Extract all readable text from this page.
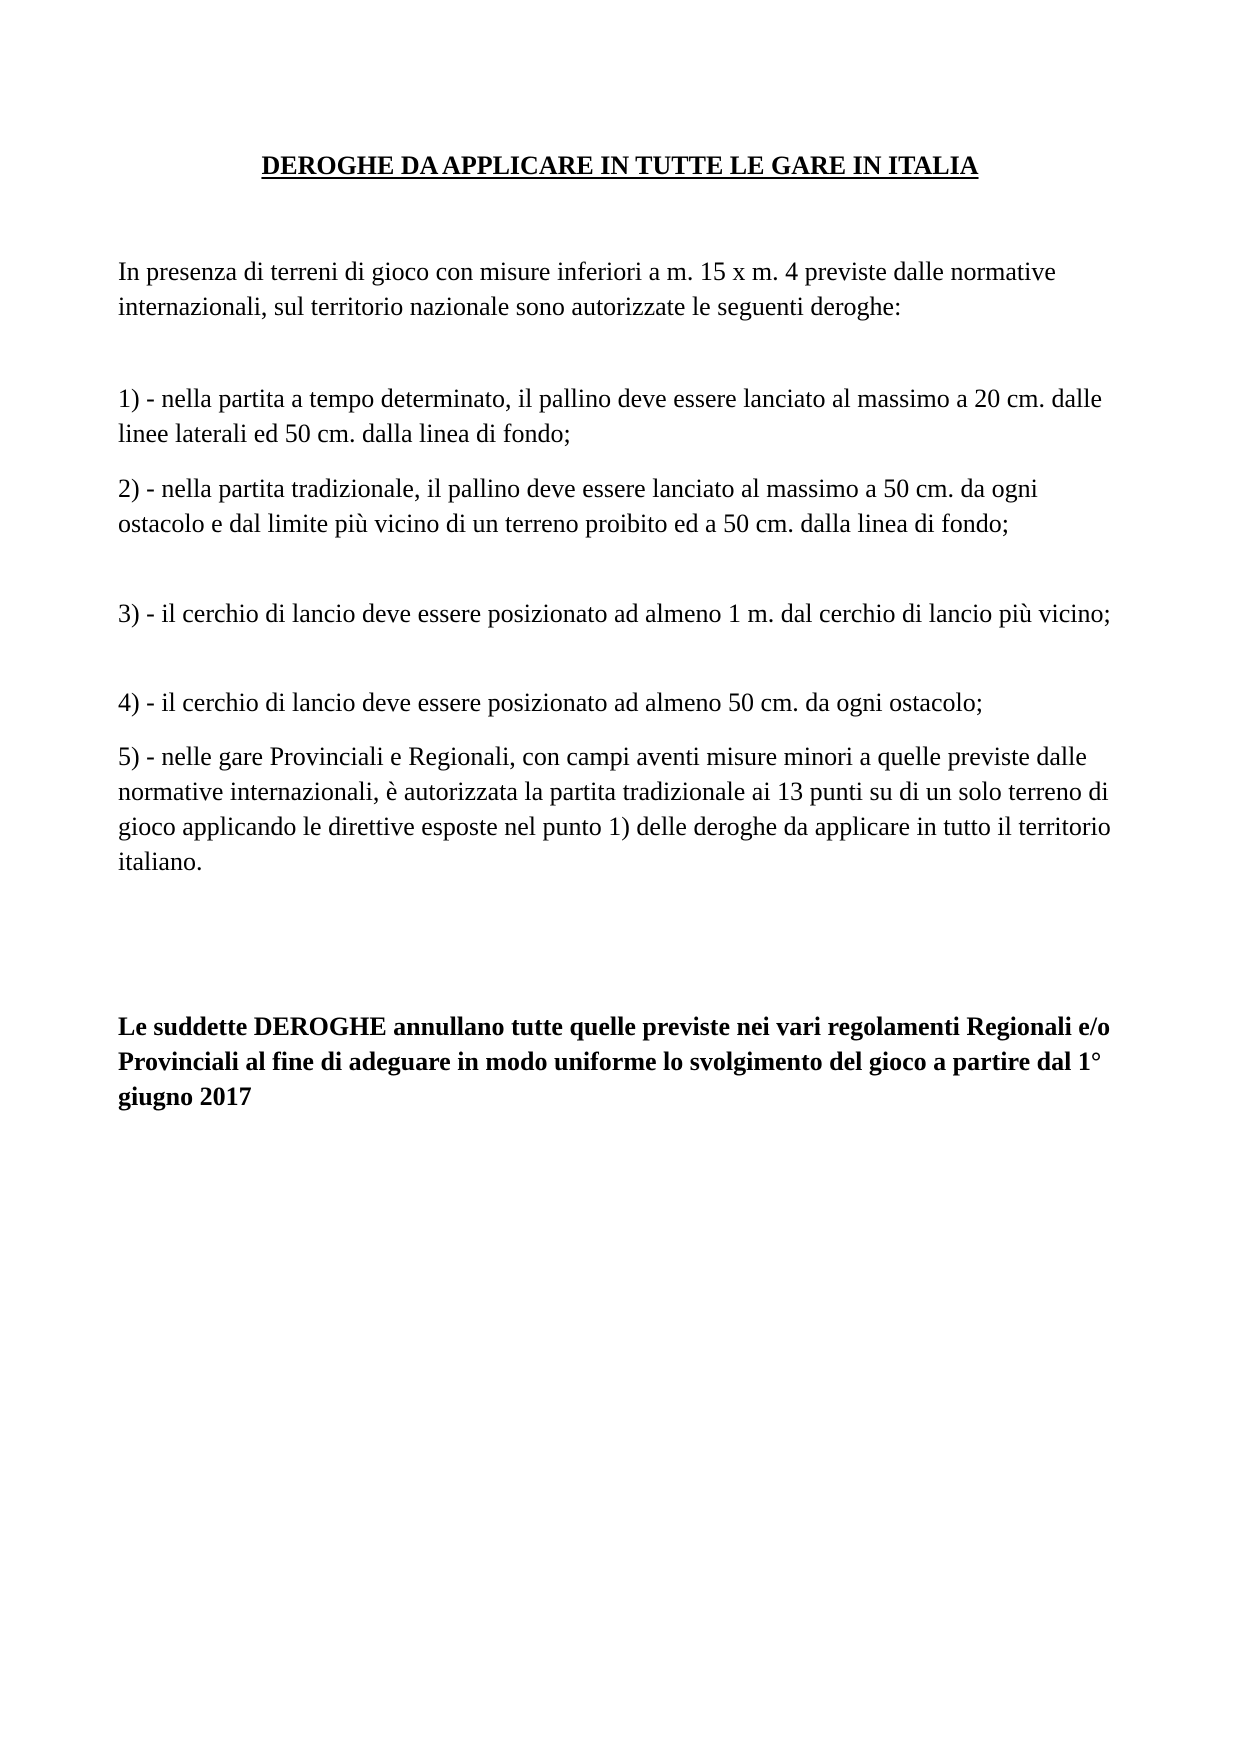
DEROGHE DA APPLICARE IN TUTTE LE GARE IN ITALIA

In presenza di terreni di gioco con misure inferiori a m. 15 x m. 4 previste dalle normative internazionali, sul territorio nazionale sono autorizzate le seguenti deroghe:

1) - nella partita a tempo determinato, il pallino deve essere lanciato al massimo a 20 cm. dalle linee laterali ed 50 cm. dalla linea di fondo;

2) - nella partita tradizionale, il pallino deve essere lanciato al massimo a 50 cm. da ogni ostacolo e dal limite più vicino di un terreno proibito ed a 50 cm. dalla linea di fondo;

3) - il cerchio di lancio deve essere posizionato ad almeno 1 m. dal cerchio di lancio più vicino;

4) - il cerchio di lancio deve essere posizionato ad almeno 50 cm. da ogni ostacolo;

5) - nelle gare Provinciali e Regionali, con campi aventi misure minori a quelle previste dalle normative internazionali, è autorizzata la partita tradizionale ai 13 punti su di un solo terreno di gioco applicando le direttive esposte nel punto 1) delle deroghe da applicare in tutto il territorio italiano.

Le suddette DEROGHE annullano tutte quelle previste nei vari regolamenti Regionali e/o Provinciali al fine di adeguare in modo uniforme lo svolgimento del gioco a partire dal 1° giugno 2017
